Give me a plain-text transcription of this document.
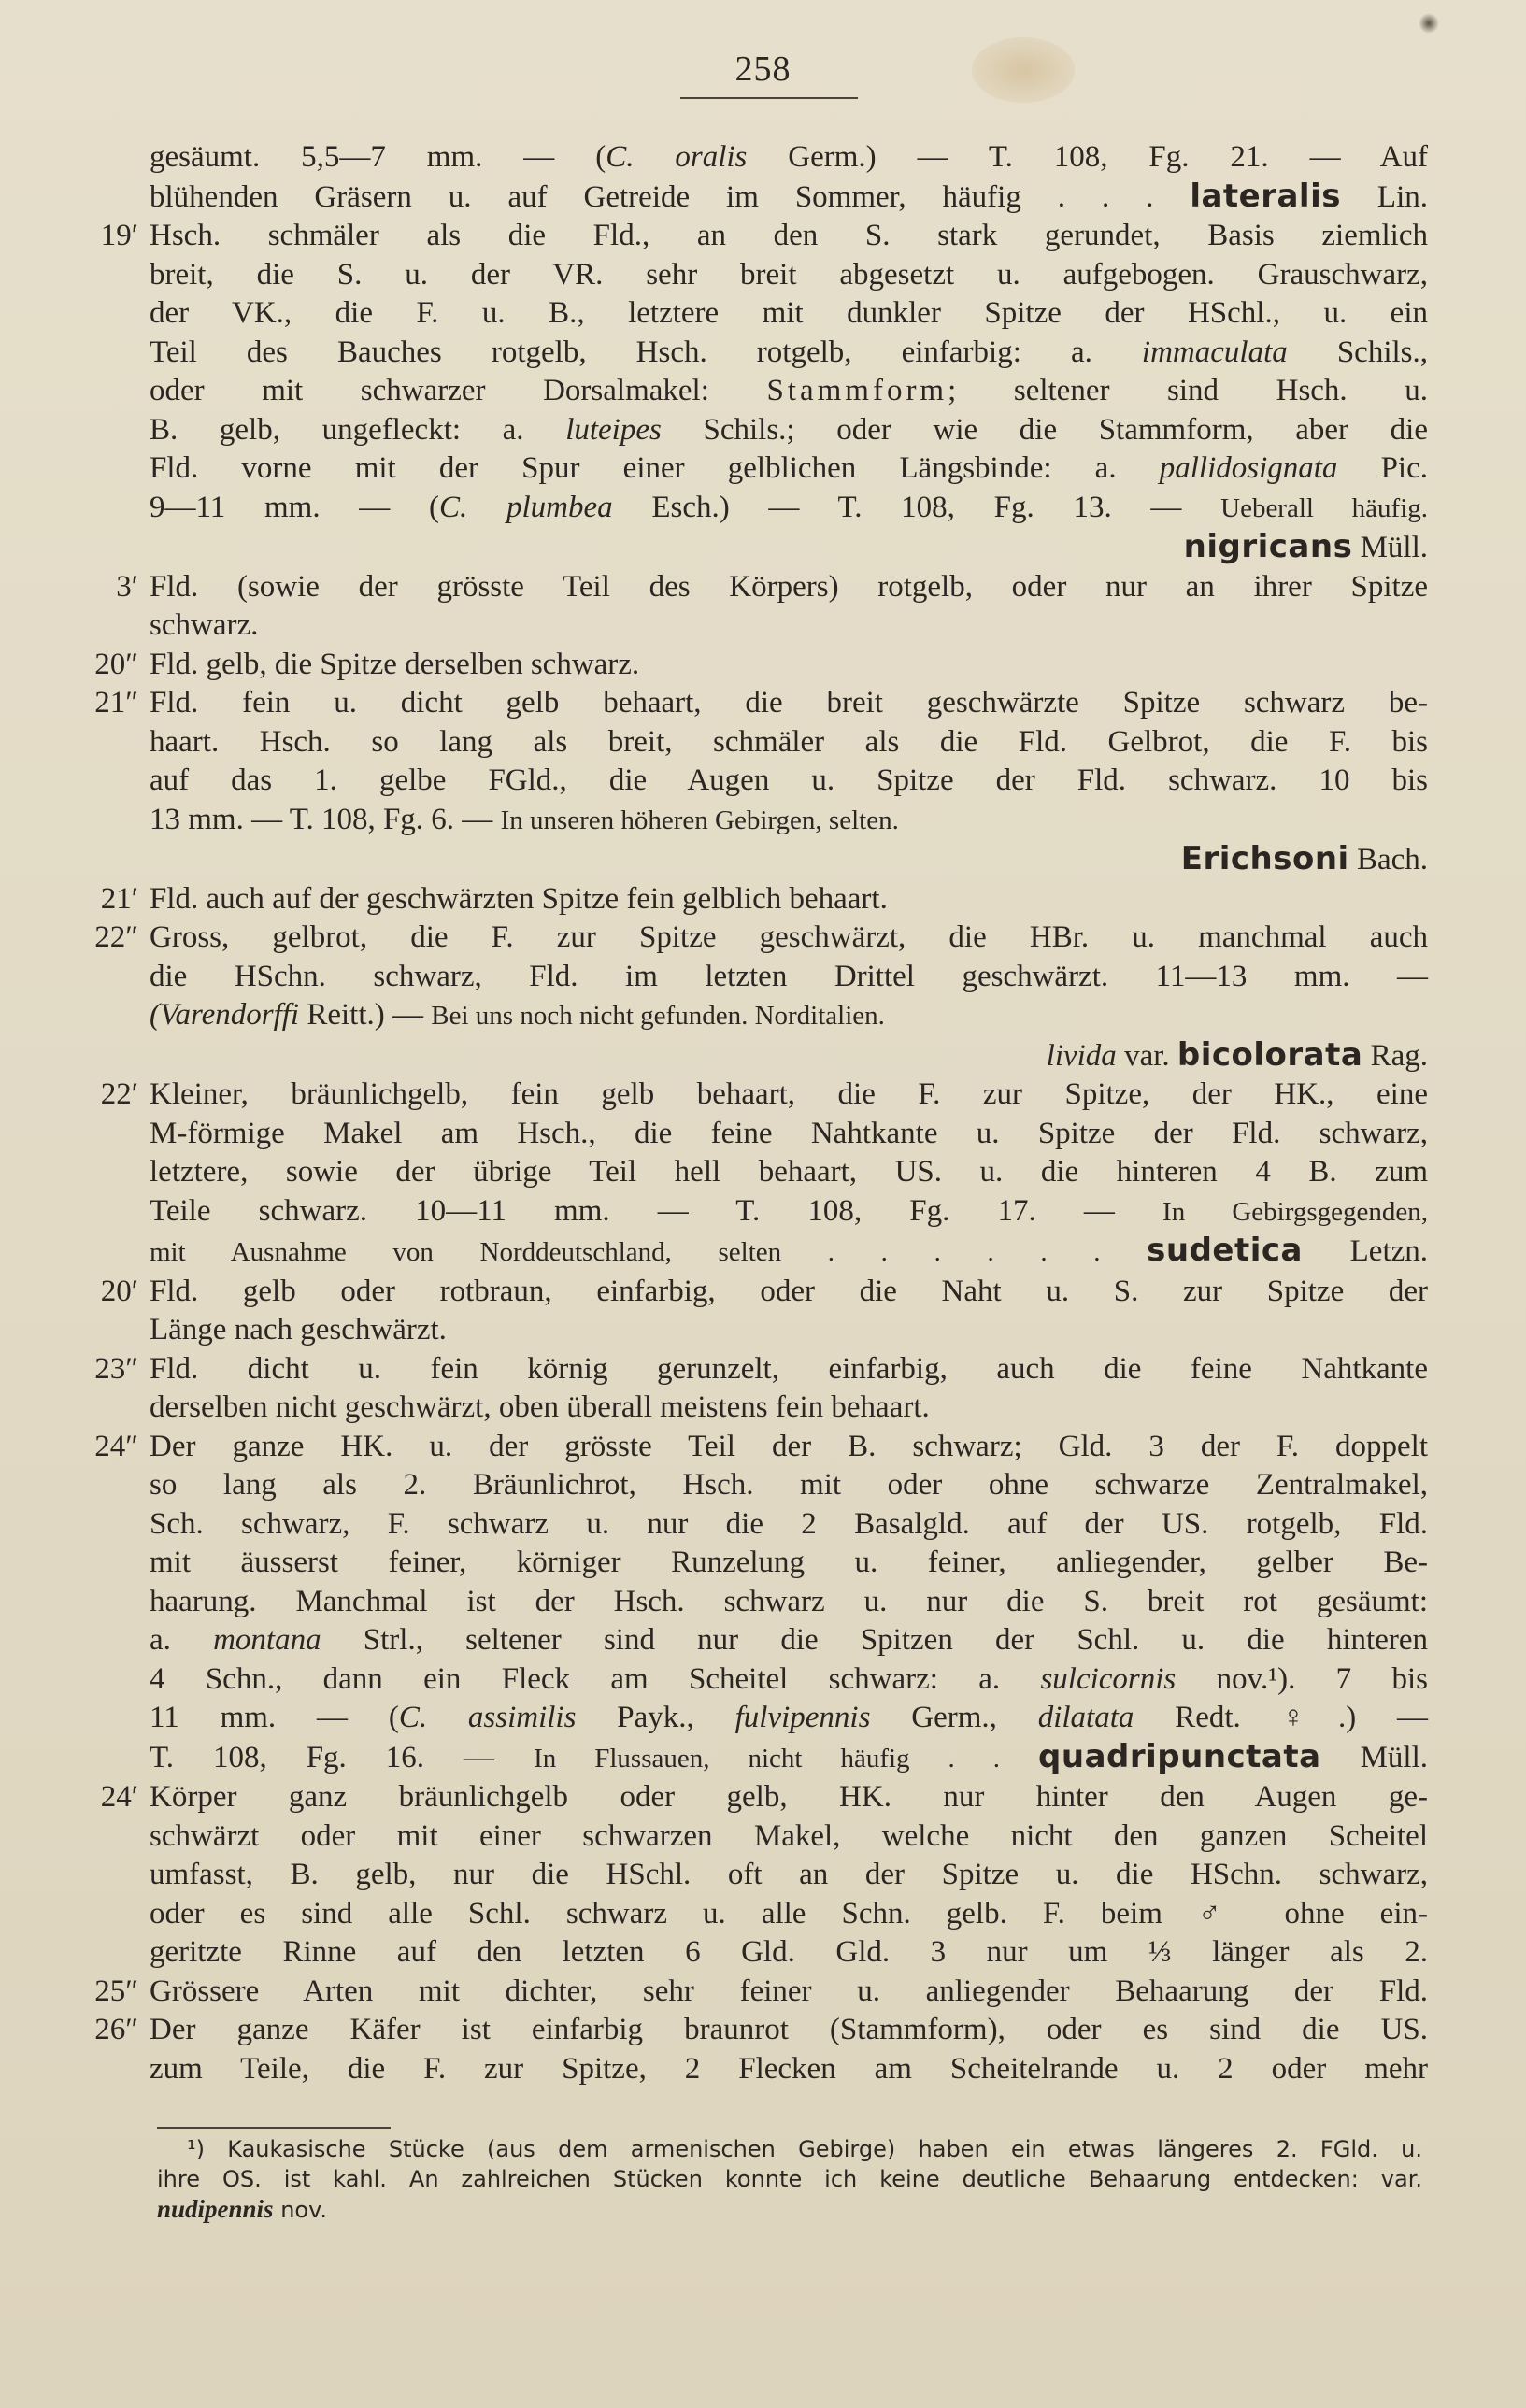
258
gesäumt. 5,5—7 mm. — (C. oralis Germ.) — T. 108, Fg. 21. — Auf
blühenden Gräsern u. auf Getreide im Sommer, häufig . . . lateralis Lin.
19′ Hsch. schmäler als die Fld., an den S. stark gerundet, Basis ziemlich
breit, die S. u. der VR. sehr breit abgesetzt u. aufgebogen. Grauschwarz,
der VK., die F. u. B., letztere mit dunkler Spitze der HSchl., u. ein
Teil des Bauches rotgelb, Hsch. rotgelb, einfarbig: a. immaculata Schils.,
oder mit schwarzer Dorsalmakel: Stammform; seltener sind Hsch. u.
B. gelb, ungefleckt: a. luteipes Schils.; oder wie die Stammform, aber die
Fld. vorne mit der Spur einer gelblichen Längsbinde: a. pallidosignata Pic.
9—11 mm. — (C. plumbea Esch.) — T. 108, Fg. 13. — Ueberall häufig.
nigricans Müll.
3′ Fld. (sowie der grösste Teil des Körpers) rotgelb, oder nur an ihrer Spitze
schwarz.
20″ Fld. gelb, die Spitze derselben schwarz.
21″ Fld. fein u. dicht gelb behaart, die breit geschwärzte Spitze schwarz be-
haart. Hsch. so lang als breit, schmäler als die Fld. Gelbrot, die F. bis
auf das 1. gelbe FGld., die Augen u. Spitze der Fld. schwarz. 10 bis
13 mm. — T. 108, Fg. 6. — In unseren höheren Gebirgen, selten.
Erichsoni Bach.
21′ Fld. auch auf der geschwärzten Spitze fein gelblich behaart.
22″ Gross, gelbrot, die F. zur Spitze geschwärzt, die HBr. u. manchmal auch
die HSchn. schwarz, Fld. im letzten Drittel geschwärzt. 11—13 mm. —
(Varendorffi Reitt.) — Bei uns noch nicht gefunden. Norditalien.
livida var. bicolorata Rag.
22′ Kleiner, bräunlichgelb, fein gelb behaart, die F. zur Spitze, der HK., eine
M-förmige Makel am Hsch., die feine Nahtkante u. Spitze der Fld. schwarz,
letztere, sowie der übrige Teil hell behaart, US. u. die hinteren 4 B. zum
Teile schwarz. 10—11 mm. — T. 108, Fg. 17. — In Gebirgsgegenden,
mit Ausnahme von Norddeutschland, selten . . . . . . sudetica Letzn.
20′ Fld. gelb oder rotbraun, einfarbig, oder die Naht u. S. zur Spitze der
Länge nach geschwärzt.
23″ Fld. dicht u. fein körnig gerunzelt, einfarbig, auch die feine Nahtkante
derselben nicht geschwärzt, oben überall meistens fein behaart.
24″ Der ganze HK. u. der grösste Teil der B. schwarz; Gld. 3 der F. doppelt
so lang als 2. Bräunlichrot, Hsch. mit oder ohne schwarze Zentralmakel,
Sch. schwarz, F. schwarz u. nur die 2 Basalgld. auf der US. rotgelb, Fld.
mit äusserst feiner, körniger Runzelung u. feiner, anliegender, gelber Be-
haarung. Manchmal ist der Hsch. schwarz u. nur die S. breit rot gesäumt:
a. montana Strl., seltener sind nur die Spitzen der Schl. u. die hinteren
4 Schn., dann ein Fleck am Scheitel schwarz: a. sulcicornis nov.¹). 7 bis
11 mm. — (C. assimilis Payk., fulvipennis Germ., dilatata Redt. ♀.) —
T. 108, Fg. 16. — In Flussauen, nicht häufig . . quadripunctata Müll.
24′ Körper ganz bräunlichgelb oder gelb, HK. nur hinter den Augen ge-
schwärzt oder mit einer schwarzen Makel, welche nicht den ganzen Scheitel
umfasst, B. gelb, nur die HSchl. oft an der Spitze u. die HSchn. schwarz,
oder es sind alle Schl. schwarz u. alle Schn. gelb. F. beim ♂ ohne ein-
geritzte Rinne auf den letzten 6 Gld. Gld. 3 nur um ⅓ länger als 2.
25″ Grössere Arten mit dichter, sehr feiner u. anliegender Behaarung der Fld.
26″ Der ganze Käfer ist einfarbig braunrot (Stammform), oder es sind die US.
zum Teile, die F. zur Spitze, 2 Flecken am Scheitelrande u. 2 oder mehr
¹) Kaukasische Stücke (aus dem armenischen Gebirge) haben ein etwas längeres 2. FGld. u.
ihre OS. ist kahl. An zahlreichen Stücken konnte ich keine deutliche Behaarung entdecken: var.
nudipennis nov.
